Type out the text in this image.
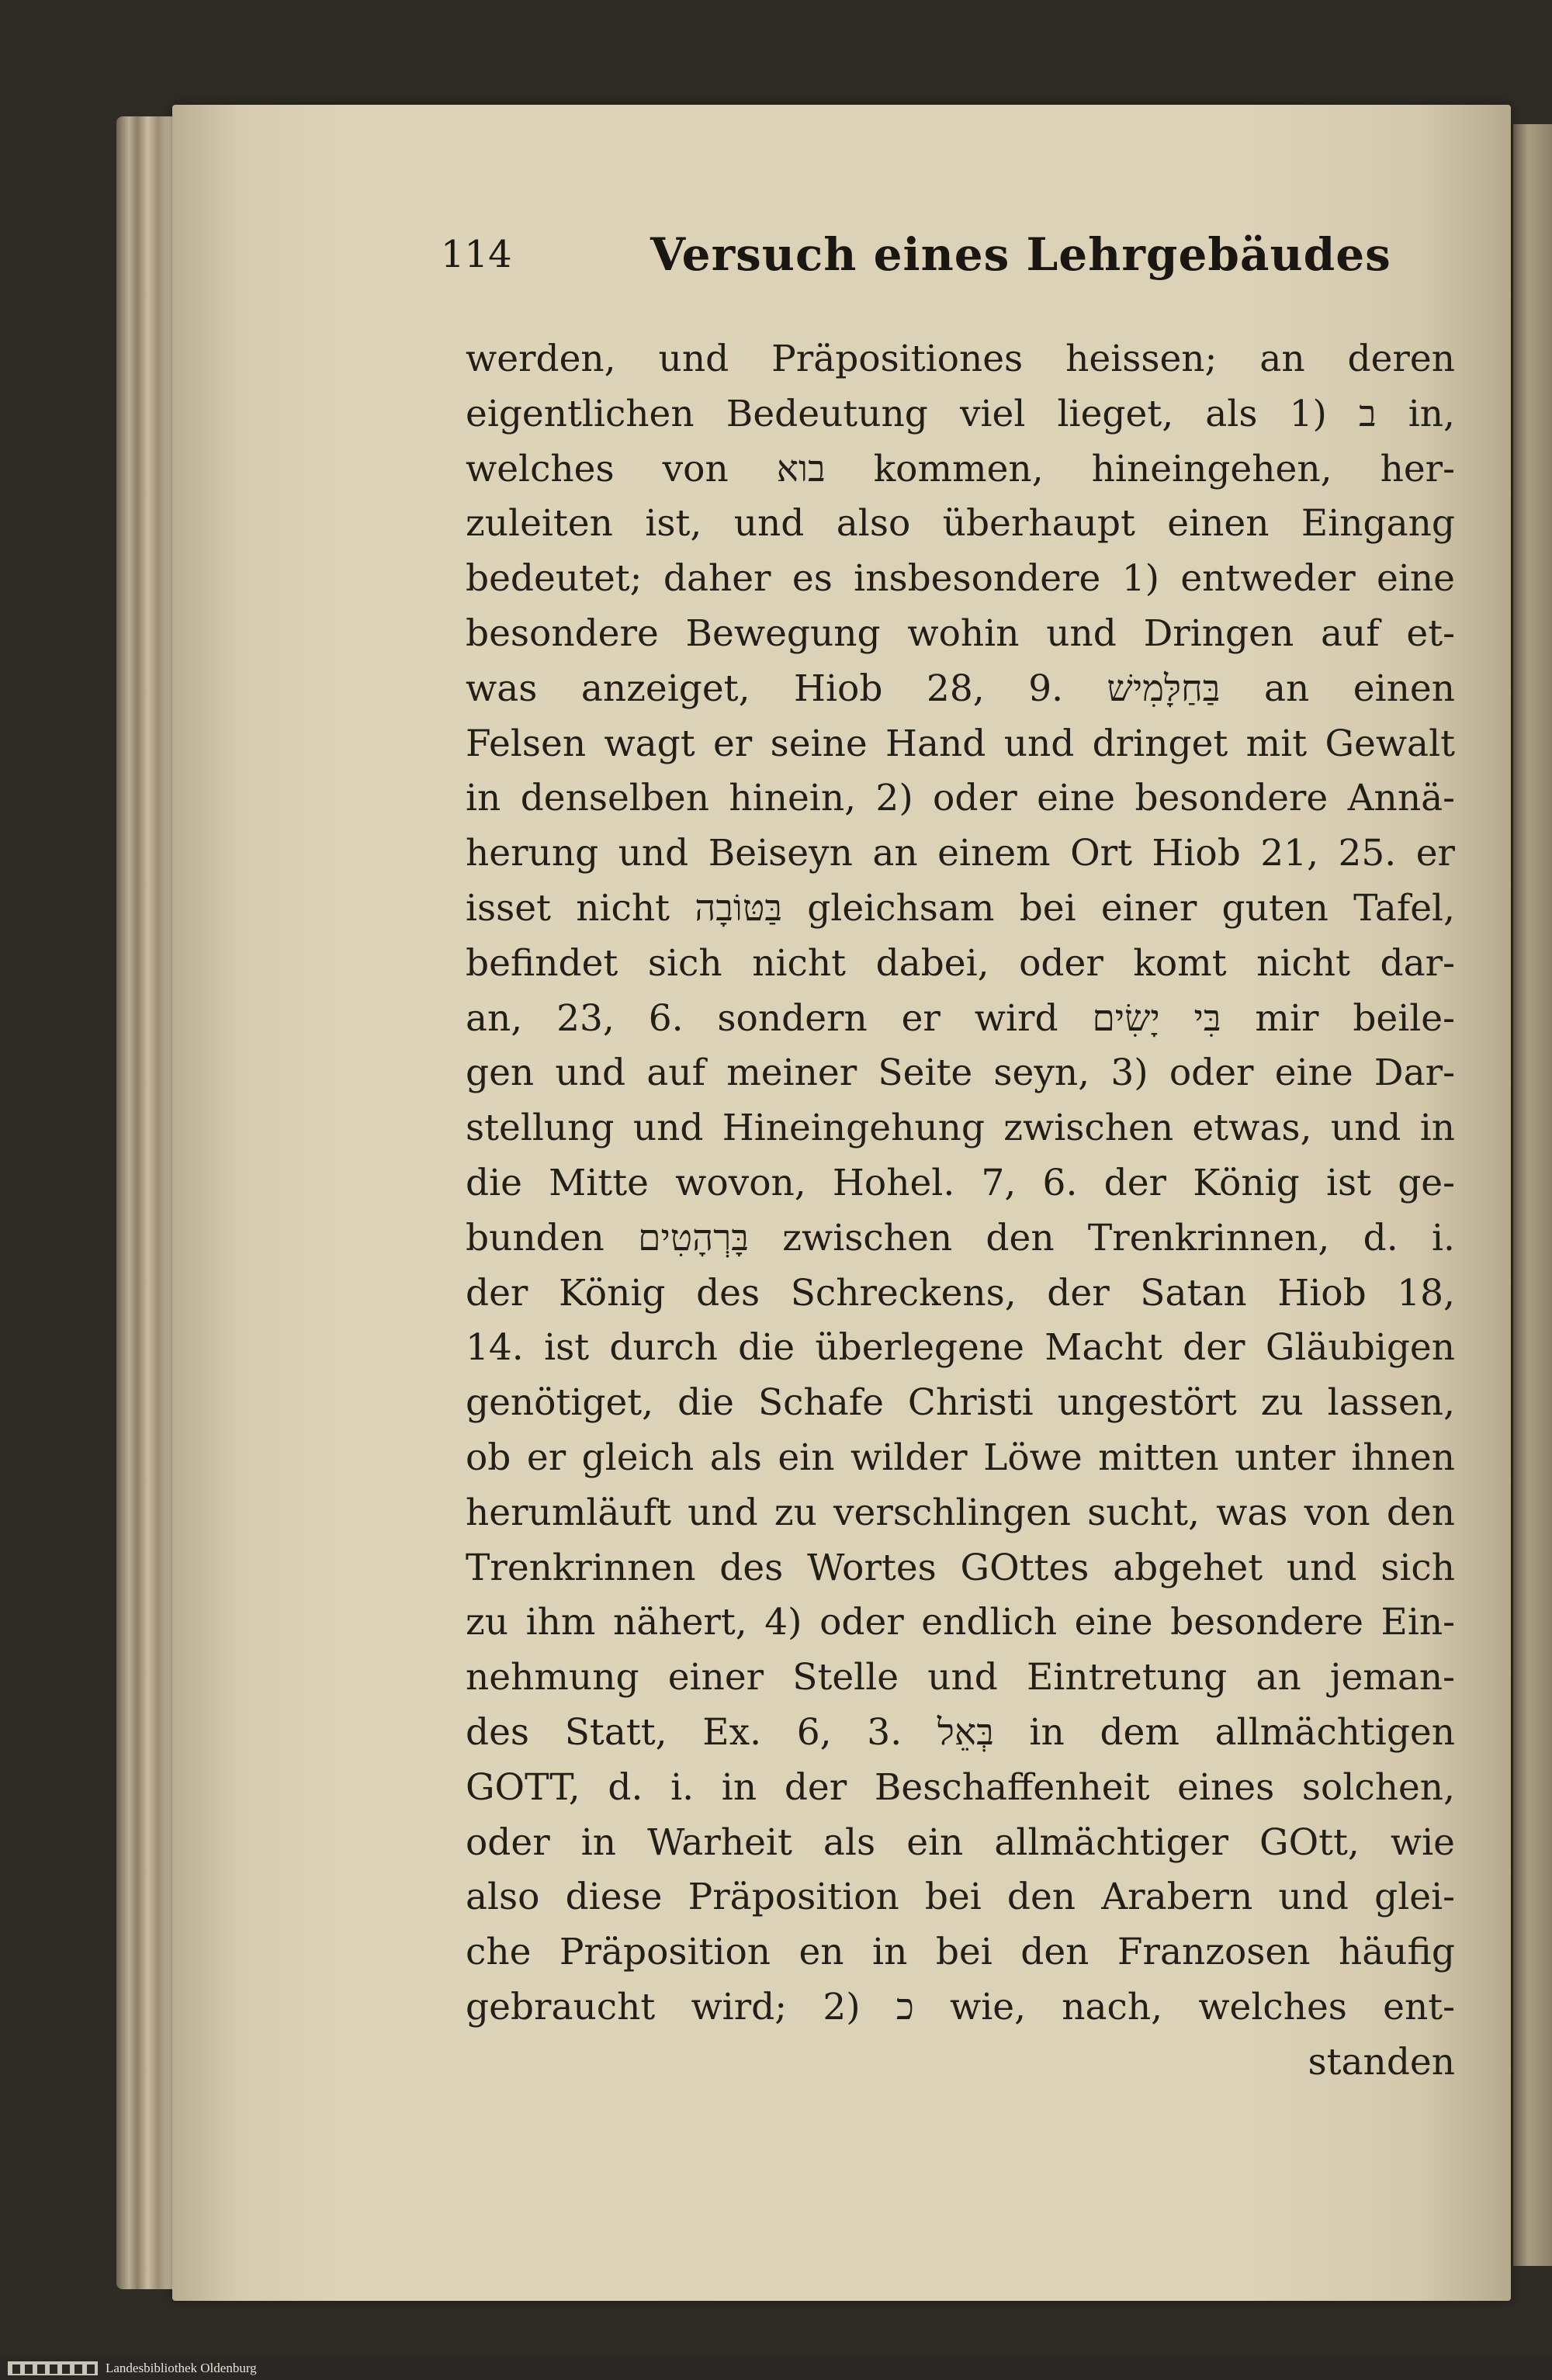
114	Versuch eines Lehrgebäudes
werden, und Präpositiones heissen; an deren
eigentlichen Bedeutung viel lieget, als 1) ב in,
welches von בוא kommen, hineingehen, her-
zuleiten ist, und also überhaupt einen Eingang
bedeutet; daher es insbesondere 1) entweder eine
besondere Bewegung wohin und Dringen auf et-
was anzeiget, Hiob 28, 9. בַּחַלָּמִישׁ an einen
Felsen wagt er seine Hand und dringet mit Gewalt
in denselben hinein, 2) oder eine besondere Annä-
herung und Beiseyn an einem Ort Hiob 21, 25. er
isset nicht בַּטּוֹבָה gleichsam bei einer guten Tafel,
befindet sich nicht dabei, oder komt nicht dar-
an, 23, 6. sondern er wird בִּי יָשִׂים mir beile-
gen und auf meiner Seite seyn, 3) oder eine Dar-
stellung und Hineingehung zwischen etwas, und in
die Mitte wovon, Hohel. 7, 6. der König ist ge-
bunden בָּרְהָטִים zwischen den Trenkrinnen, d. i.
der König des Schreckens, der Satan Hiob 18,
14. ist durch die überlegene Macht der Gläubigen
genötiget, die Schafe Christi ungestört zu lassen,
ob er gleich als ein wilder Löwe mitten unter ihnen
herumläuft und zu verschlingen sucht, was von den
Trenkrinnen des Wortes GOttes abgehet und sich
zu ihm nähert, 4) oder endlich eine besondere Ein-
nehmung einer Stelle und Eintretung an jeman-
des Statt, Ex. 6, 3. בְּאֵל in dem allmächtigen
GOTT, d. i. in der Beschaffenheit eines solchen,
oder in Warheit als ein allmächtiger GOtt, wie
also diese Präposition bei den Arabern und glei-
che Präposition en in bei den Franzosen häufig
gebraucht wird; 2) כ wie, nach, welches ent-
standen
Landesbibliothek Oldenburg
